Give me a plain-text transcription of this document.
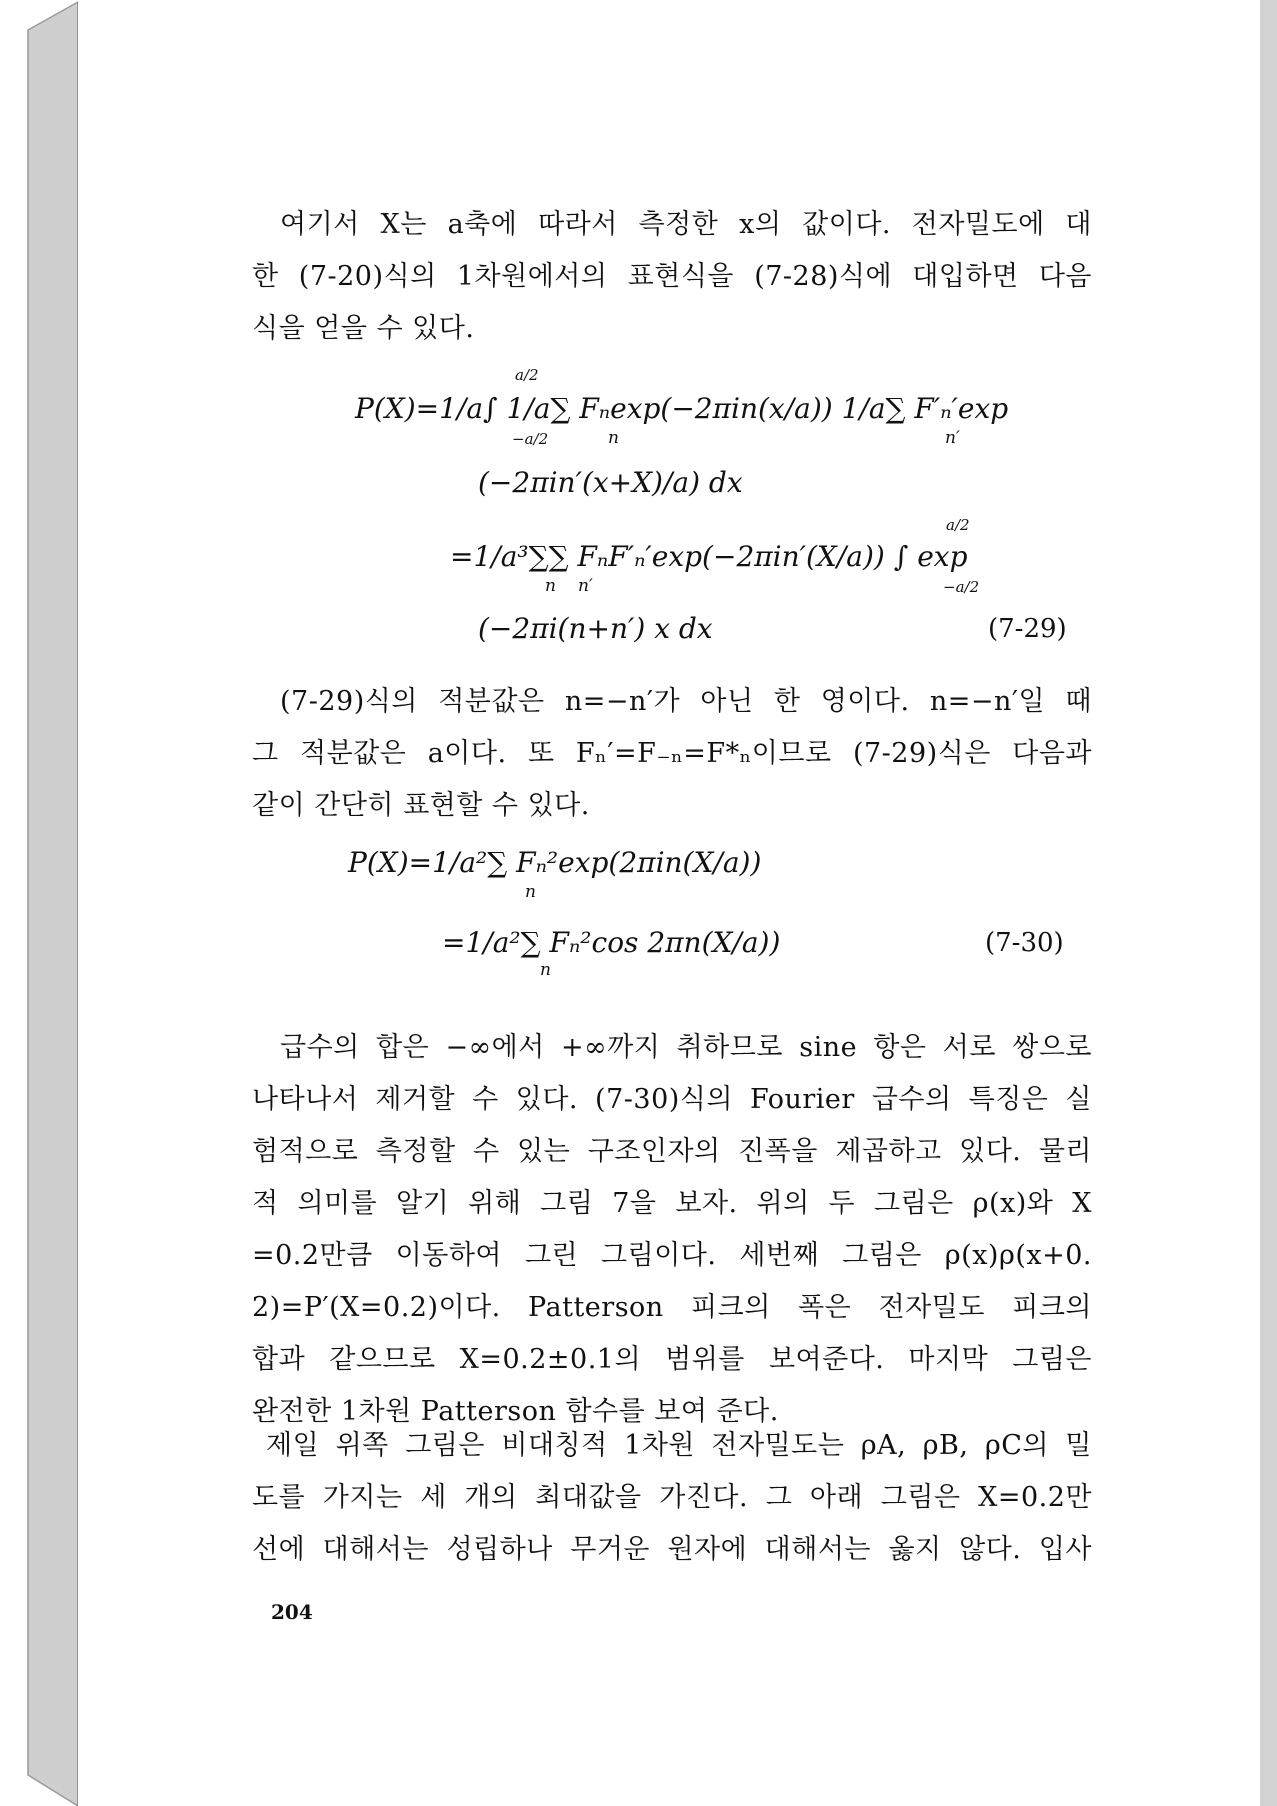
여기서 X는 a축에 따라서 측정한 x의 값이다. 전자밀도에 대
한 (7-20)식의 1차원에서의 표현식을 (7-28)식에 대입하면 다음
식을 얻을 수 있다.
P(X)=1/a∫ 1/a∑ Fₙexp(−2πin(x/a)) 1/a∑ F′ₙ′exp
a/2
−a/2	n	n′
(−2πin′(x+X)/a) dx
=1/a³∑∑ FₙF′ₙ′exp(−2πin′(X/a)) ∫ exp
a/2
−a/2
n n′
(−2πi(n+n′) x dx	(7-29)
(7-29)식의 적분값은 n=−n′가 아닌 한 영이다. n=−n′일 때
그 적분값은 a이다. 또 Fₙ′=F₋ₙ=F*ₙ이므로 (7-29)식은 다음과
같이 간단히 표현할 수 있다.
P(X)=1/a²∑ Fₙ²exp(2πin(X/a))
n
=1/a²∑ Fₙ²cos 2πn(X/a))
n
(7-30)
급수의 합은 −∞에서 +∞까지 취하므로 sine 항은 서로 쌍으로
나타나서 제거할 수 있다. (7-30)식의 Fourier 급수의 특징은 실
험적으로 측정할 수 있는 구조인자의 진폭을 제곱하고 있다. 물리
적 의미를 알기 위해 그림 7을 보자. 위의 두 그림은 ρ(x)와 X
=0.2만큼 이동하여 그린 그림이다. 세번째 그림은 ρ(x)ρ(x+0.
2)=P′(X=0.2)이다. Patterson 피크의 폭은 전자밀도 피크의
합과 같으므로 X=0.2±0.1의 범위를 보여준다. 마지막 그림은
완전한 1차원 Patterson 함수를 보여 준다.
제일 위쪽 그림은 비대칭적 1차원 전자밀도는 ρA, ρB, ρC의 밀
도를 가지는 세 개의 최대값을 가진다. 그 아래 그림은 X=0.2만
선에 대해서는 성립하나 무거운 원자에 대해서는 옳지 않다. 입사
204
